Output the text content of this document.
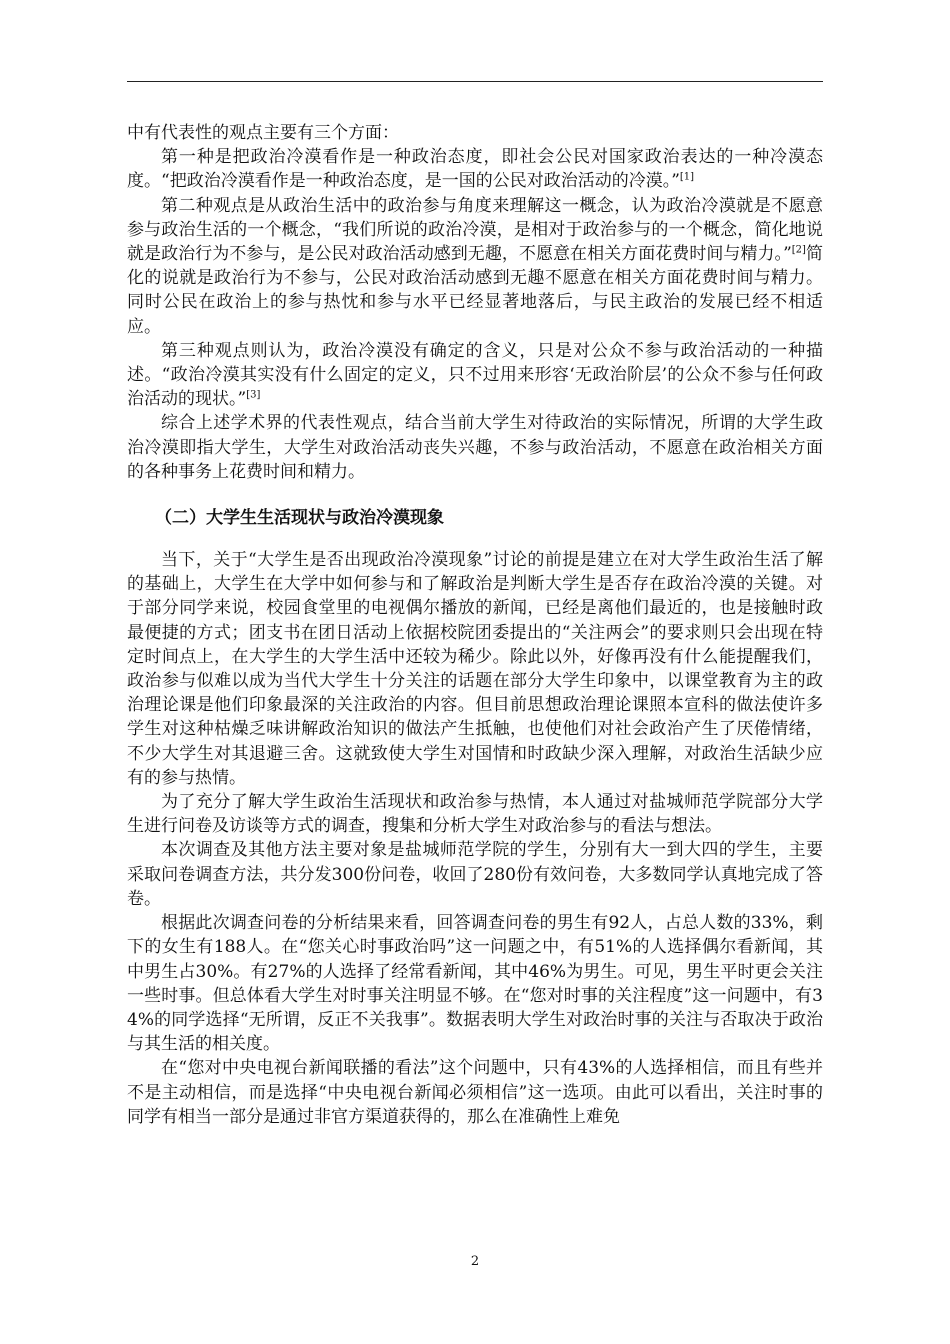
中有代表性的观点主要有三个方面：

第一种是把政治冷漠看作是一种政治态度，即社会公民对国家政治表达的一种冷漠态度。“把政治冷漠看作是一种政治态度，是一国的公民对政治活动的冷漠。”[1]

第二种观点是从政治生活中的政治参与角度来理解这一概念，认为政治冷漠就是不愿意参与政治生活的一个概念，“我们所说的政治冷漠，是相对于政治参与的一个概念，简化地说就是政治行为不参与，是公民对政治活动感到无趣，不愿意在相关方面花费时间与精力。”[2]简化的说就是政治行为不参与，公民对政治活动感到无趣不愿意在相关方面花费时间与精力。同时公民在政治上的参与热忱和参与水平已经显著地落后，与民主政治的发展已经不相适应。

第三种观点则认为，政治冷漠没有确定的含义，只是对公众不参与政治活动的一种描述。“政治冷漠其实没有什么固定的定义，只不过用来形容‘无政治阶层’的公众不参与任何政治活动的现状。”[3]

综合上述学术界的代表性观点，结合当前大学生对待政治的实际情况，所谓的大学生政治冷漠即指大学生，大学生对政治活动丧失兴趣，不参与政治活动，不愿意在政治相关方面的各种事务上花费时间和精力。

（二）大学生生活现状与政治冷漠现象

当下，关于“大学生是否出现政治冷漠现象”讨论的前提是建立在对大学生政治生活了解的基础上，大学生在大学中如何参与和了解政治是判断大学生是否存在政治冷漠的关键。对于部分同学来说，校园食堂里的电视偶尔播放的新闻，已经是离他们最近的，也是接触时政最便捷的方式；团支书在团日活动上依据校院团委提出的“关注两会”的要求则只会出现在特定时间点上，在大学生的大学生活中还较为稀少。除此以外，好像再没有什么能提醒我们，政治参与似难以成为当代大学生十分关注的话题在部分大学生印象中，以课堂教育为主的政治理论课是他们印象最深的关注政治的内容。但目前思想政治理论课照本宣科的做法使许多学生对这种枯燥乏味讲解政治知识的做法产生抵触，也使他们对社会政治产生了厌倦情绪，不少大学生对其退避三舍。这就致使大学生对国情和时政缺少深入理解，对政治生活缺少应有的参与热情。

为了充分了解大学生政治生活现状和政治参与热情，本人通过对盐城师范学院部分大学生进行问卷及访谈等方式的调查，搜集和分析大学生对政治参与的看法与想法。

本次调查及其他方法主要对象是盐城师范学院的学生，分别有大一到大四的学生，主要采取问卷调查方法，共分发300份问卷，收回了280份有效问卷，大多数同学认真地完成了答卷。

根据此次调查问卷的分析结果来看，回答调查问卷的男生有92人，占总人数的33%，剩下的女生有188人。在“您关心时事政治吗”这一问题之中，有51%的人选择偶尔看新闻，其中男生占30%。有27%的人选择了经常看新闻，其中46%为男生。可见，男生平时更会关注一些时事。但总体看大学生对时事关注明显不够。在“您对时事的关注程度”这一问题中，有34%的同学选择“无所谓，反正不关我事”。数据表明大学生对政治时事的关注与否取决于政治与其生活的相关度。

在“您对中央电视台新闻联播的看法”这个问题中，只有43%的人选择相信，而且有些并不是主动相信，而是选择“中央电视台新闻必须相信”这一选项。由此可以看出，关注时事的同学有相当一部分是通过非官方渠道获得的，那么在准确性上难免

2
